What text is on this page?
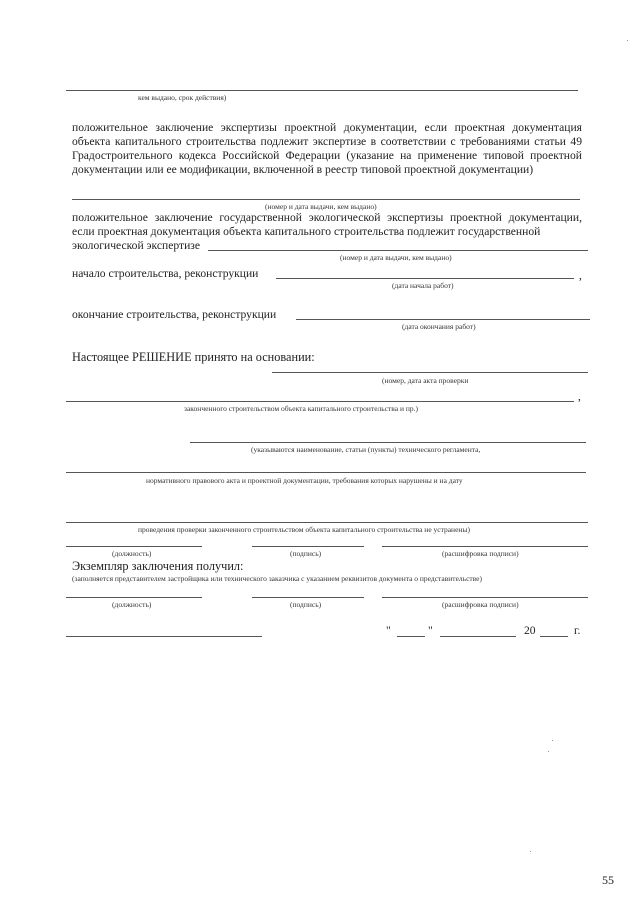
кем выдано, срок действия)
положительное заключение экспертизы проектной документации, если проектная документация
объекта капитального строительства подлежит экспертизе в соответствии с требованиями статьи 49
Градостроительного кодекса Российской Федерации (указание на применение типовой проектной
документации или ее модификации, включенной в реестр типовой проектной документации)
(номер и дата выдачи, кем выдано)
положительное заключение государственной экологической экспертизы проектной документации,
если проектная документация объекта капитального строительства подлежит государственной
экологической экспертизе
(номер и дата выдачи, кем выдано)
начало строительства, реконструкции	,
(дата начала работ)
окончание строительства, реконструкции
(дата окончания работ)
Настоящее РЕШЕНИЕ принято на основании:
(номер, дата акта проверки
,
законченного строительством объекта капитального строительства и пр.)
(указываются наименование, статьи (пункты) технического регламента,
нормативного правового акта и проектной документации, требования которых нарушены и на дату
проведения проверки законченного строительством объекта капитального строительства не устранены)
(должность)	(подпись)	(расшифровка подписи)
Экземпляр заключения получил:
(заполняется представителем застройщика или технического заказчика с указанием реквизитов документа о представительстве)
(должность)	(подпись)	(расшифровка подписи)
"	"	20	г.
55
